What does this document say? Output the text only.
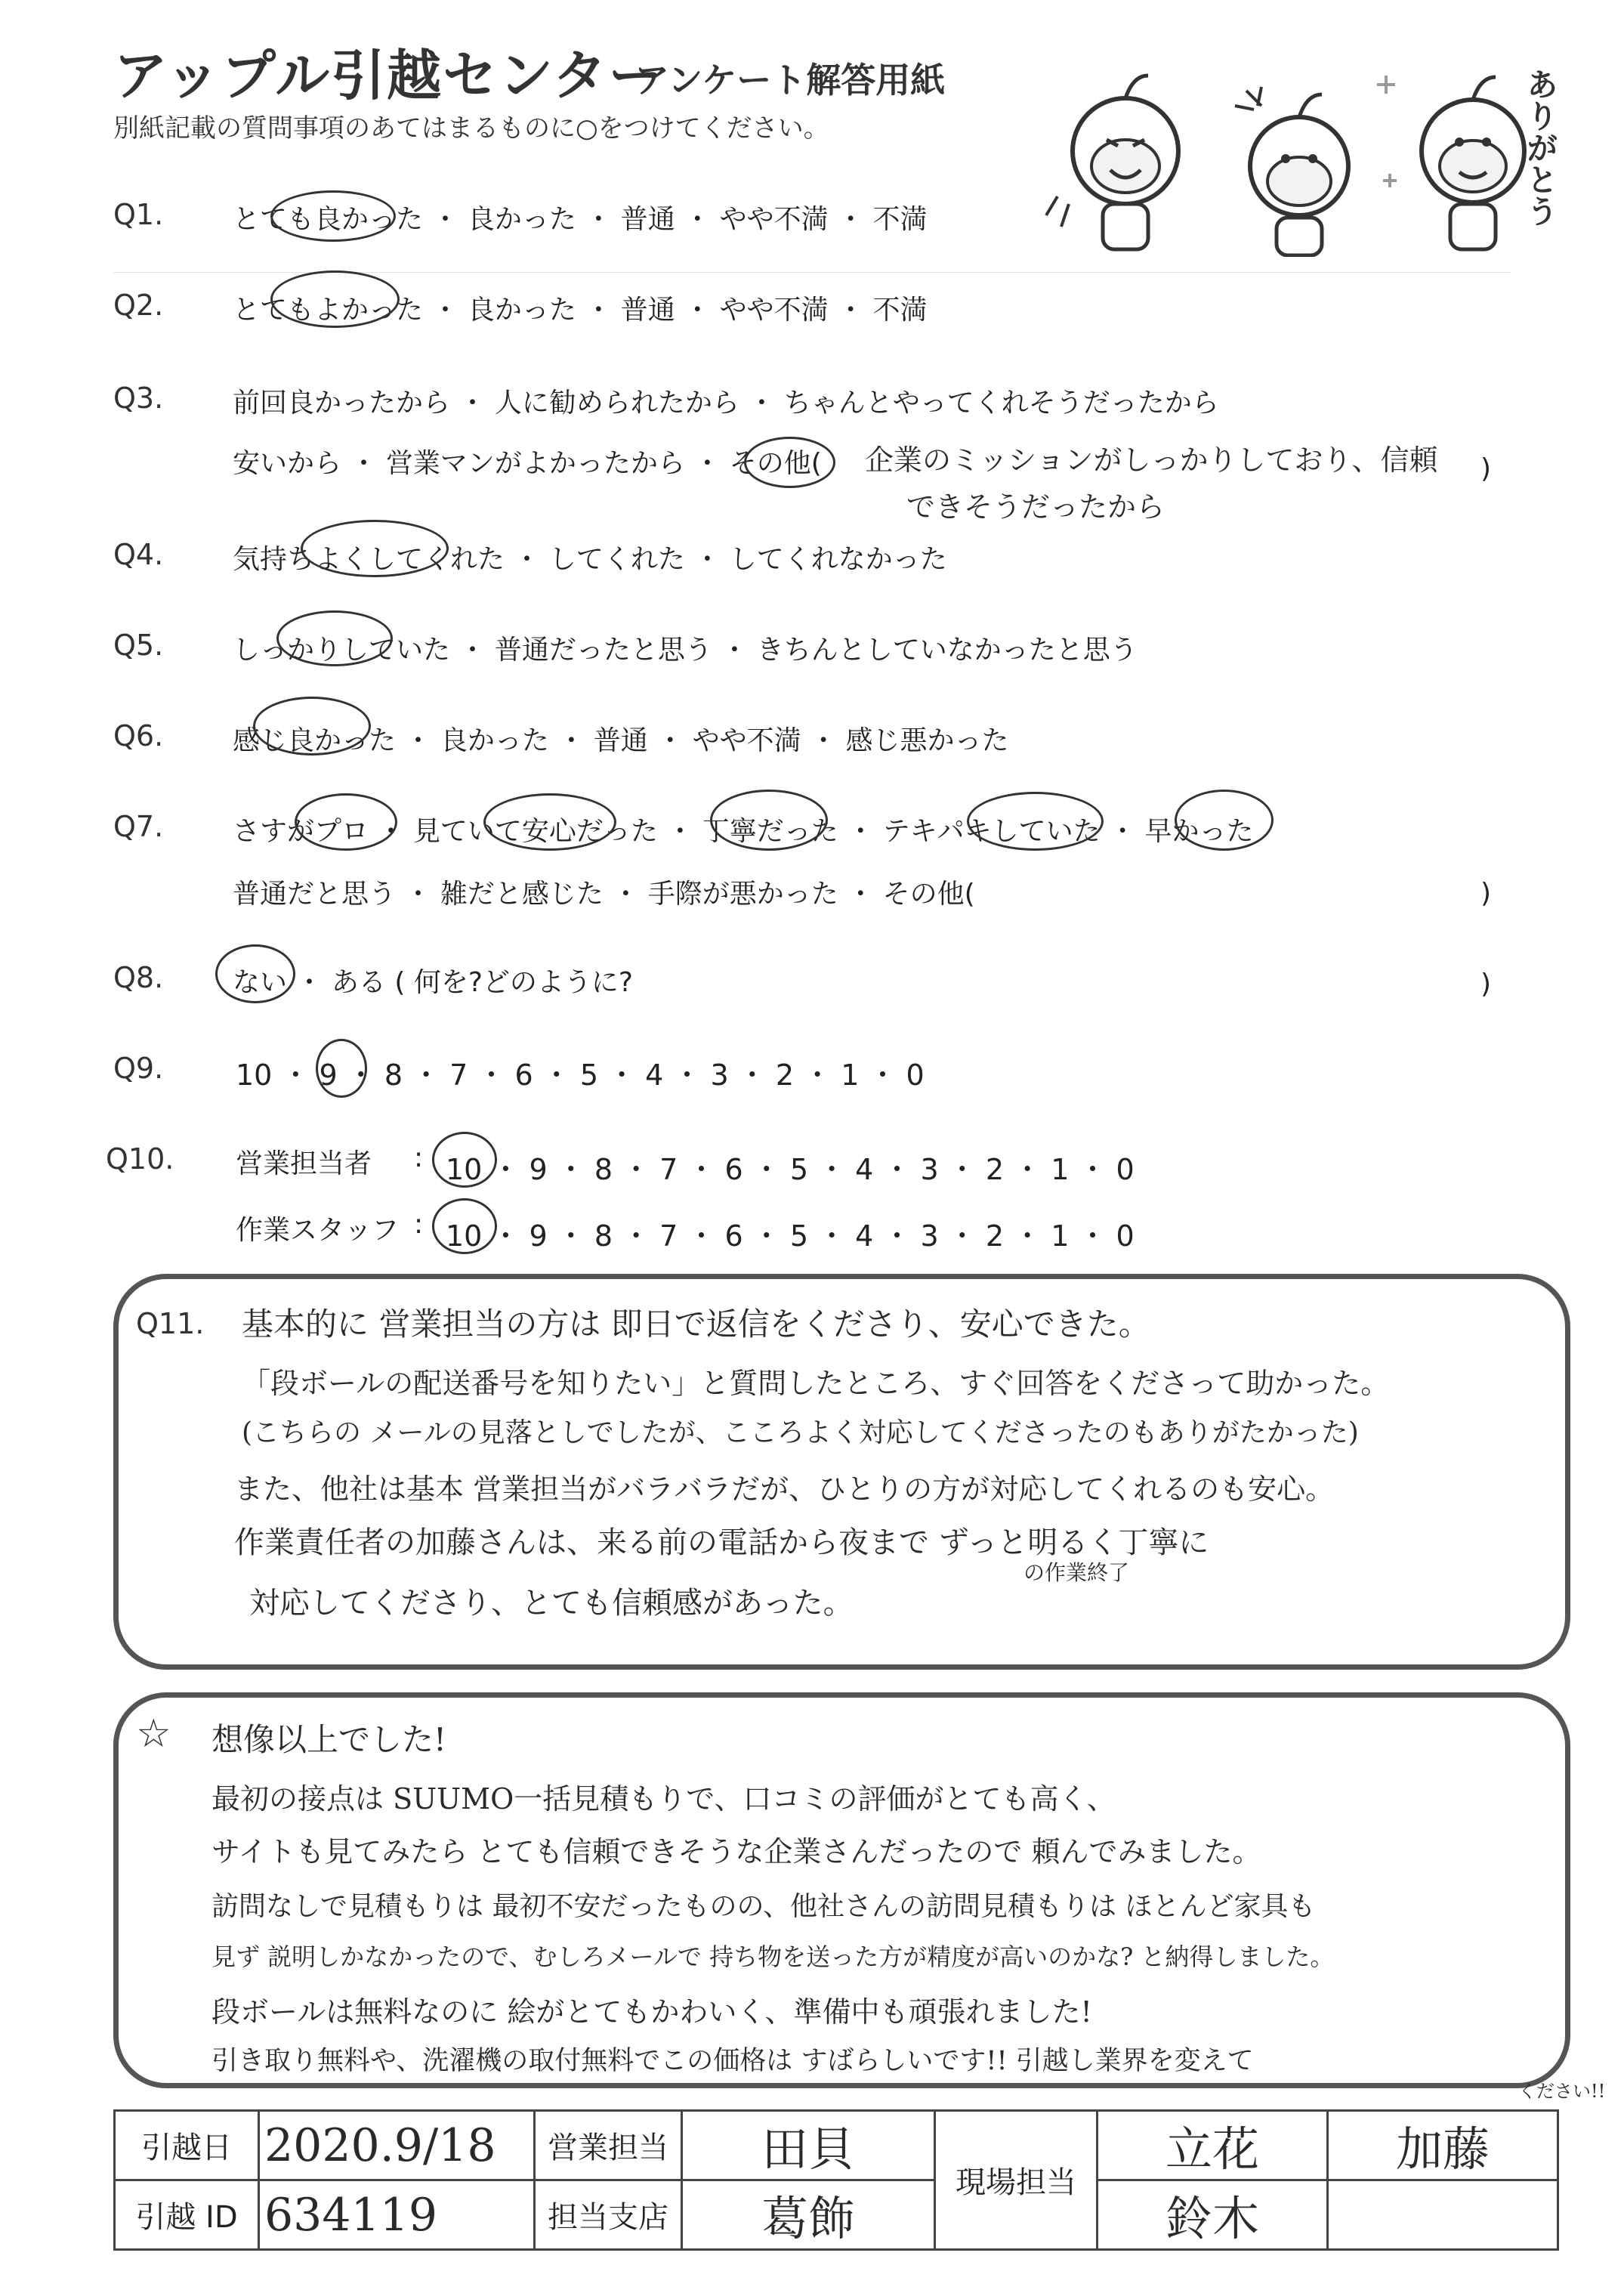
アップル引越センター
アンケート解答用紙
別紙記載の質問事項のあてはまるものに○をつけてください。	ありがとう
Q1.	とても良かった ・ 良かった ・ 普通 ・ やや不満 ・ 不満
Q2.	とてもよかった ・ 良かった ・ 普通 ・ やや不満 ・ 不満
Q3.	前回良かったから ・ 人に勧められたから ・ ちゃんとやってくれそうだったから
安いから ・ 営業マンがよかったから ・ その他( 企業のミッションがしっかりしており、信頼 )
できそうだったから
Q4.	気持ちよくしてくれた ・ してくれた ・ してくれなかった
Q5.	しっかりしていた ・ 普通だったと思う ・ きちんとしていなかったと思う
Q6.	感じ良かった ・ 良かった ・ 普通 ・ やや不満 ・ 感じ悪かった
Q7.	さすがプロ ・ 見ていて安心だった ・ 丁寧だった ・ テキパキしていた ・ 早かった
普通だと思う ・ 雑だと感じた ・ 手際が悪かった ・ その他(	)
Q8.	ない ・ ある ( 何を?どのように?	)
Q9.	10 ・ 9 ・ 8 ・ 7 ・ 6 ・ 5 ・ 4 ・ 3 ・ 2 ・ 1 ・ 0
Q10. 営業担当者 : 10 ・ 9 ・ 8 ・ 7 ・ 6 ・ 5 ・ 4 ・ 3 ・ 2 ・ 1 ・ 0
作業スタッフ : 10 ・ 9 ・ 8 ・ 7 ・ 6 ・ 5 ・ 4 ・ 3 ・ 2 ・ 1 ・ 0
Q11. 基本的に 営業担当の方は 即日で返信をくださり、安心できた。
「段ボールの配送番号を知りたい」と質問したところ、すぐ回答をくださって助かった。
(こちらの メールの見落としでしたが、こころよく対応してくださったのもありがたかった)
また、他社は基本 営業担当がバラバラだが、ひとりの方が対応してくれるのも安心。
作業責任者の加藤さんは、来る前の電話から夜まで ずっと明るく丁寧に
の作業終了
対応してくださり、とても信頼感があった。
☆ 想像以上でした!
最初の接点は SUUMO一括見積もりで、口コミの評価がとても高く、
サイトも見てみたら とても信頼できそうな企業さんだったので 頼んでみました。
訪問なしで見積もりは 最初不安だったものの、他社さんの訪問見積もりは ほとんど家具も
見ず 説明しかなかったので、むしろメールで 持ち物を送った方が精度が高いのかな? と納得しました。
段ボールは無料なのに 絵がとてもかわいく、準備中も頑張れました!
引き取り無料や、洗濯機の取付無料でこの価格は すばらしいです!! 引越し業界を変えて
ください!!
引越日	2020.9/18	営業担当	田貝	現場担当	立花	加藤
引越 ID	634119	担当支店	葛飾		鈴木	
